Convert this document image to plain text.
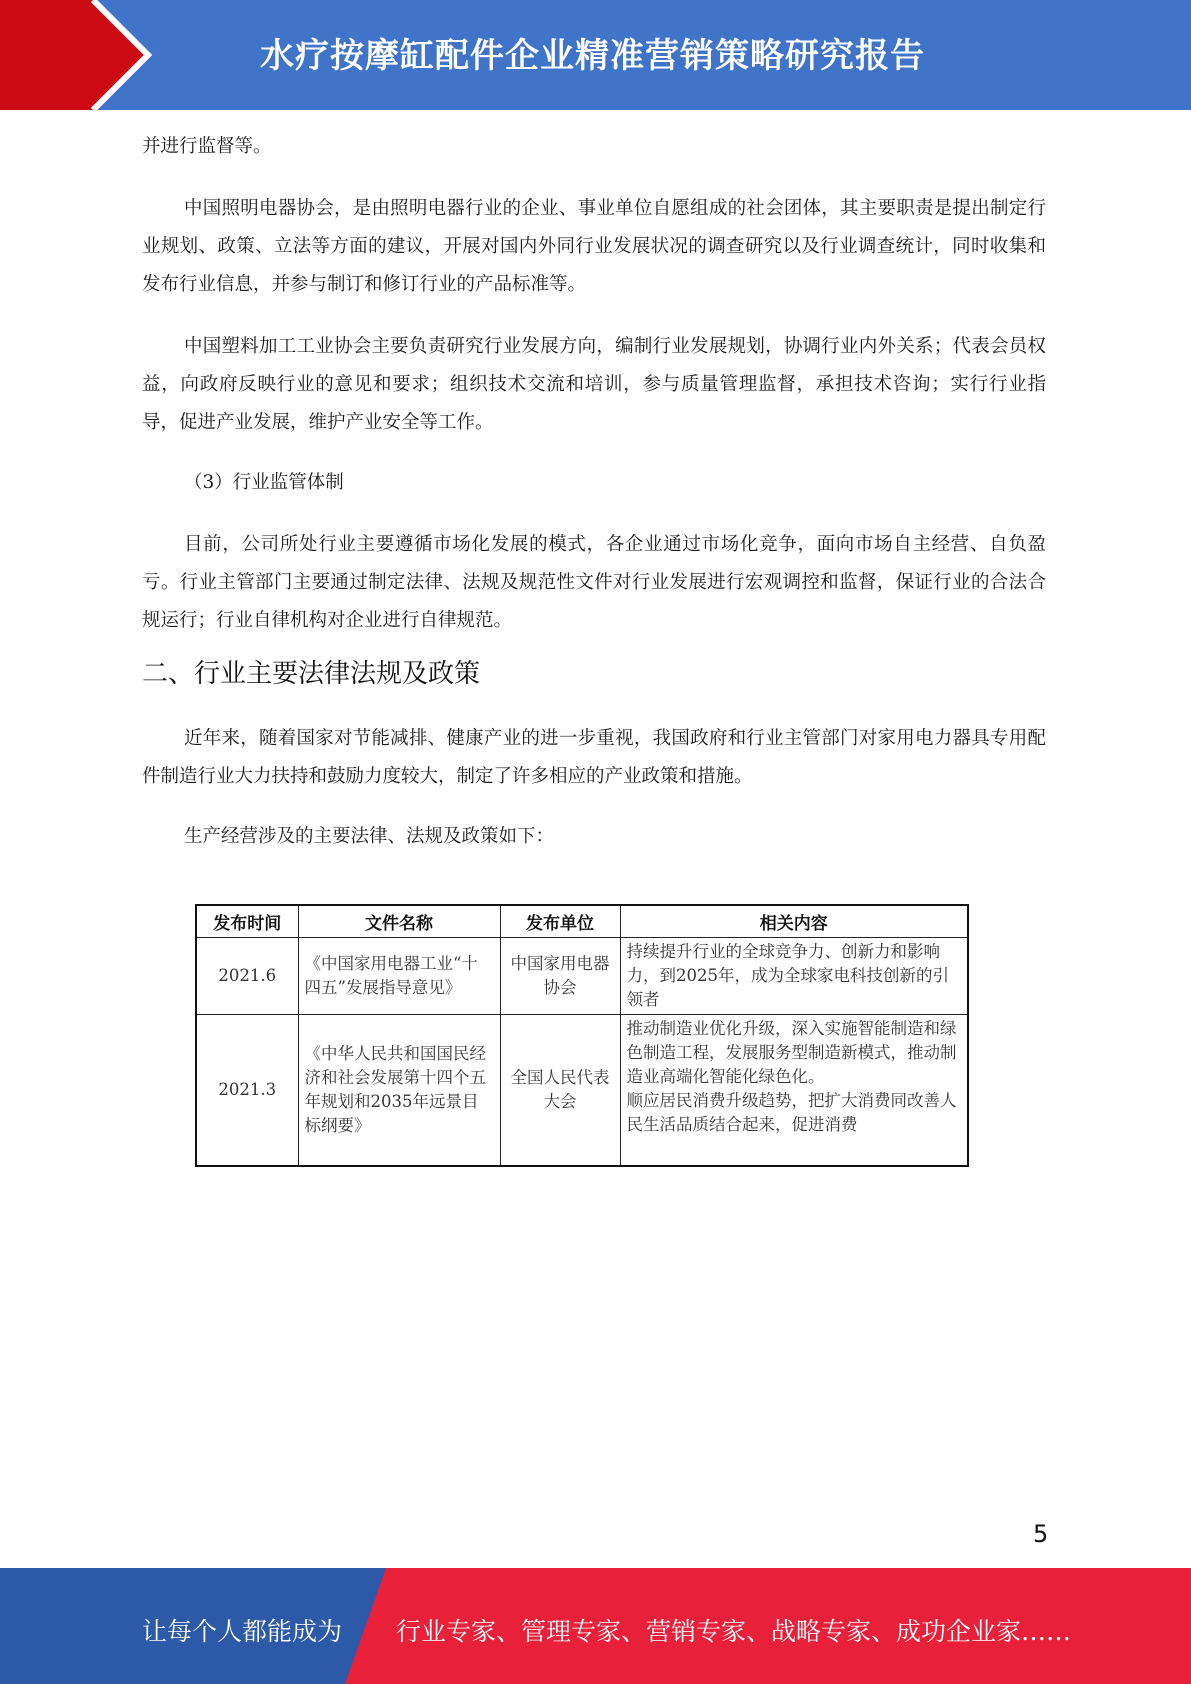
水疗按摩缸配件企业精准营销策略研究报告

并进行监督等。

中国照明电器协会，是由照明电器行业的企业、事业单位自愿组成的社会团体，其主要职责是提出制定行业规划、政策、立法等方面的建议，开展对国内外同行业发展状况的调查研究以及行业调查统计，同时收集和发布行业信息，并参与制订和修订行业的产品标准等。

中国塑料加工工业协会主要负责研究行业发展方向，编制行业发展规划，协调行业内外关系；代表会员权益，向政府反映行业的意见和要求；组织技术交流和培训，参与质量管理监督，承担技术咨询；实行行业指导，促进产业发展，维护产业安全等工作。

（3）行业监管体制

目前，公司所处行业主要遵循市场化发展的模式，各企业通过市场化竞争，面向市场自主经营、自负盈亏。行业主管部门主要通过制定法律、法规及规范性文件对行业发展进行宏观调控和监督，保证行业的合法合规运行；行业自律机构对企业进行自律规范。

二、行业主要法律法规及政策

近年来，随着国家对节能减排、健康产业的进一步重视，我国政府和行业主管部门对家用电力器具专用配件制造行业大力扶持和鼓励力度较大，制定了许多相应的产业政策和措施。

生产经营涉及的主要法律、法规及政策如下：

发布时间	文件名称	发布单位	相关内容
2021.6	《中国家用电器工业“十四五”发展指导意见》	中国家用电器协会	持续提升行业的全球竞争力、创新力和影响力，到2025年，成为全球家电科技创新的引领者
2021.3	《中华人民共和国国民经济和社会发展第十四个五年规划和2035年远景目标纲要》	全国人民代表大会	推动制造业优化升级，深入实施智能制造和绿色制造工程，发展服务型制造新模式，推动制造业高端化智能化绿色化。
顺应居民消费升级趋势，把扩大消费同改善人民生活品质结合起来，促进消费
5
让每个人都能成为 行业专家、管理专家、营销专家、战略专家、成功企业家……
